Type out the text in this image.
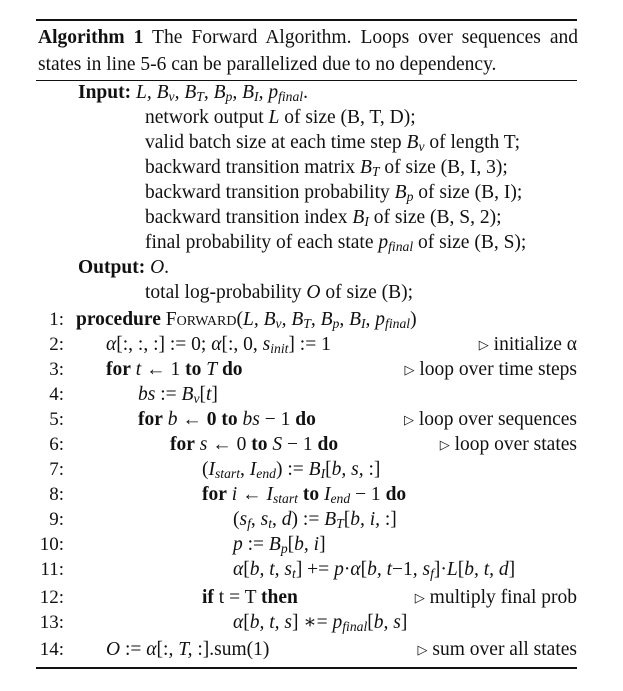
Algorithm 1 The Forward Algorithm. Loops over sequences and states in line 5-6 can be parallelized due to no dependency.
Input: L, $B_v$, $B_T$, $B_p$, $B_I$, $p_{final}$.
network output L of size (B, T, D);
valid batch size at each time step $B_v$ of length T;
backward transition matrix $B_T$ of size (B, I, 3);
backward transition probability $B_p$ of size (B, I);
backward transition index $B_I$ of size (B, S, 2);
final probability of each state $p_{final}$ of size (B, S);
Output: O.
total log-probability O of size (B);
1: procedure Forward(L, $B_v$, $B_T$, $B_p$, $B_I$, $p_{final}$)
2: α[:, :, :] := 0; α[:, 0, $s_{init}$] := 1	▷ initialize α
3: for t ← 1 to T do	▷ loop over time steps
4:	bs := $B_v[t]$
5:	for b ← 0 to bs − 1 do	▷ loop over sequences
6:	for s ← 0 to S − 1 do	▷ loop over states
7:	($I_{start}$, $I_{end}$) := $B_I[b$, s, :]
8:	for i ← $I_{start}$ to $I_{end} - 1$ do
9:	($s_f$, $s_t$, d) := $B_T[b$, i, :]
10:	p := $B_p[b$, i]
11:	α[b, t, $s_t] += p\cdot\alpha[b$, t−1, $s_f]\cdot L[b$, t, d]
12:	if t = T then	▷ multiply final prob
13:	α[b, t, s] ∗= $p_{final}[b$, s]
14: O := α[:, T, :].sum(1)	▷ sum over all states
